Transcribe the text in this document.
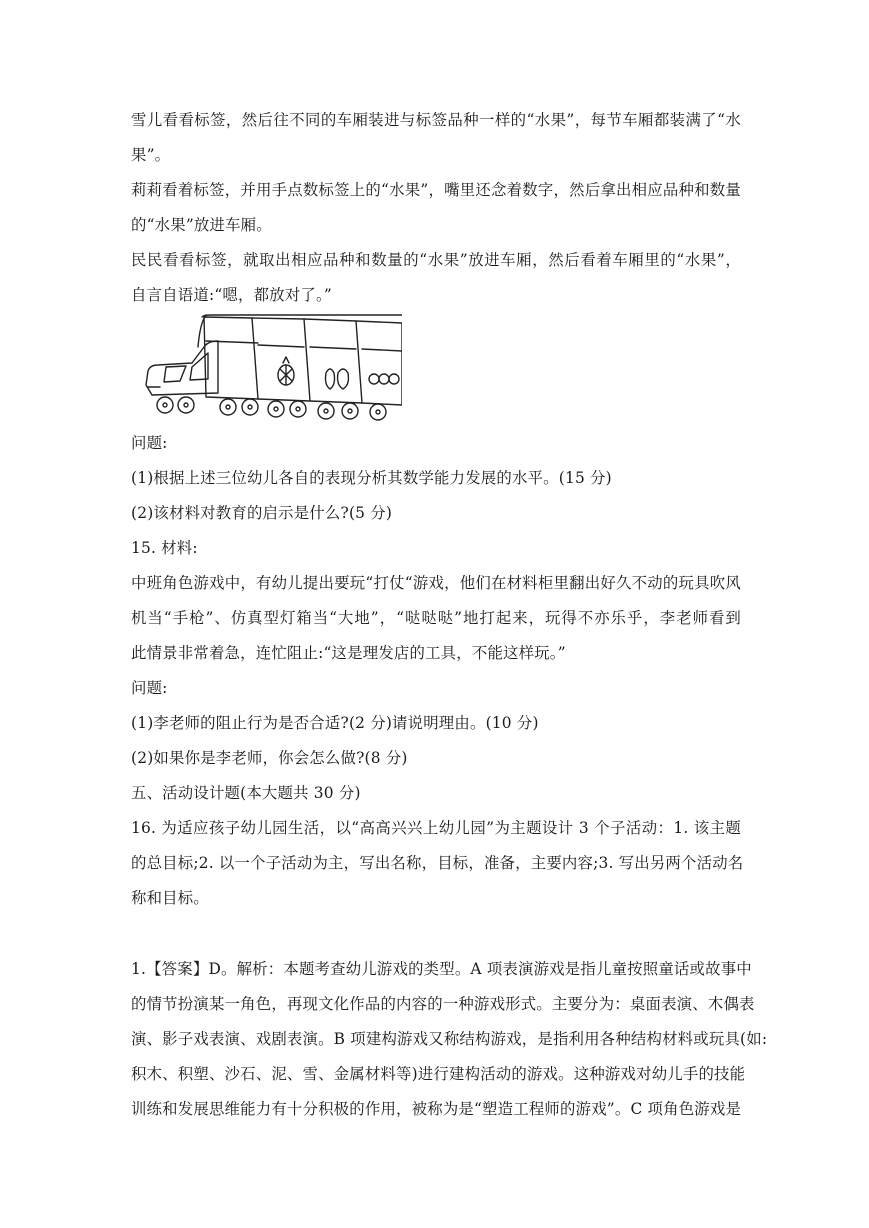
雪儿看看标签，然后往不同的车厢装进与标签品种一样的“水果”，每节车厢都装满了“水
果”。
莉莉看着标签，并用手点数标签上的“水果”，嘴里还念着数字，然后拿出相应品种和数量
的“水果”放进车厢。
民民看看标签，就取出相应品种和数量的“水果”放进车厢，然后看着车厢里的“水果”，
自言自语道:“嗯，都放对了。”
问题:
(1)根据上述三位幼儿各自的表现分析其数学能力发展的水平。(15 分)
(2)该材料对教育的启示是什么?(5 分)
15. 材料:
中班角色游戏中，有幼儿提出要玩“打仗“游戏，他们在材料柜里翻出好久不动的玩具吹风
机当“手枪”、仿真型灯箱当“大地”，“哒哒哒”地打起来，玩得不亦乐乎，李老师看到
此情景非常着急，连忙阻止:“这是理发店的工具，不能这样玩。”
问题:
(1)李老师的阻止行为是否合适?(2 分)请说明理由。(10 分)
(2)如果你是李老师，你会怎么做?(8 分)
五、活动设计题(本大题共 30 分)
16. 为适应孩子幼儿园生活，以“高高兴兴上幼儿园”为主题设计 3 个子活动：1. 该主题
的总目标;2. 以一个子活动为主，写出名称，目标，准备，主要内容;3. 写出另两个活动名
称和目标。
1.【答案】D。解析：本题考查幼儿游戏的类型。A 项表演游戏是指儿童按照童话或故事中
的情节扮演某一角色，再现文化作品的内容的一种游戏形式。主要分为：桌面表演、木偶表
演、影子戏表演、戏剧表演。B 项建构游戏又称结构游戏，是指利用各种结构材料或玩具(如:
积木、积塑、沙石、泥、雪、金属材料等)进行建构活动的游戏。这种游戏对幼儿手的技能
训练和发展思维能力有十分积极的作用，被称为是“塑造工程师的游戏”。C 项角色游戏是
